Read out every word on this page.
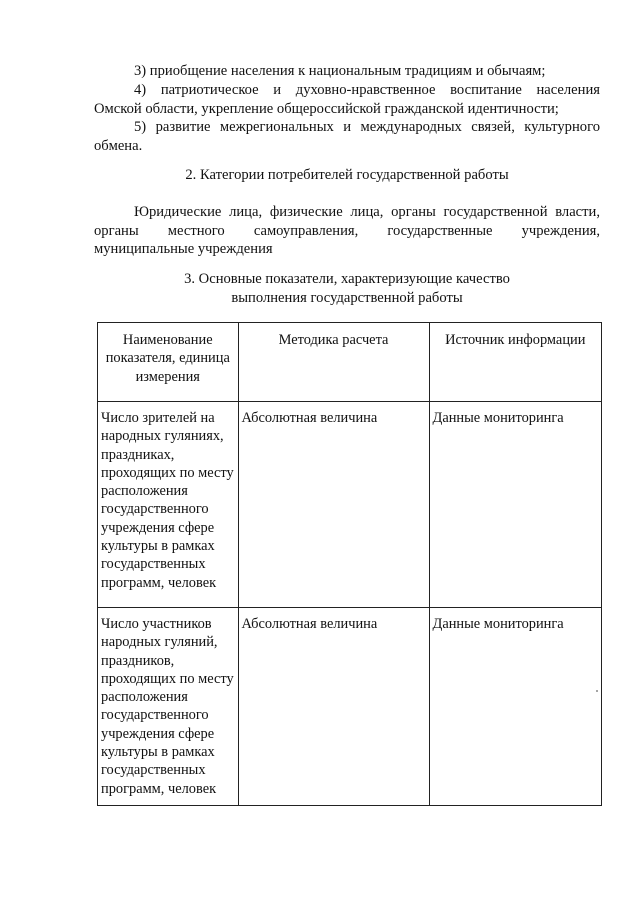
3) приобщение населения к национальным традициям и обычаям;

4) патриотическое и духовно-нравственное воспитание населения
Омской области, укрепление общероссийской гражданской идентичности;

5) развитие межрегиональных и международных связей, культурного
обмена.

2. Категории потребителей государственной работы

Юридические лица, физические лица, органы государственной власти,
органы местного самоуправления, государственные учреждения,
муниципальные учреждения

3. Основные показатели, характеризующие качество
выполнения государственной работы

Наименование показателя, единица измерения	Методика расчета	Источник информации
Число зрителей на народных гуляниях, праздниках, проходящих по месту расположения государственного учреждения сфере культуры в рамках государственных программ, человек	Абсолютная величина	Данные мониторинга
Число участников народных гуляний, праздников, проходящих по месту расположения государственного учреждения сфере культуры в рамках государственных программ, человек	Абсолютная величина	Данные мониторинга
